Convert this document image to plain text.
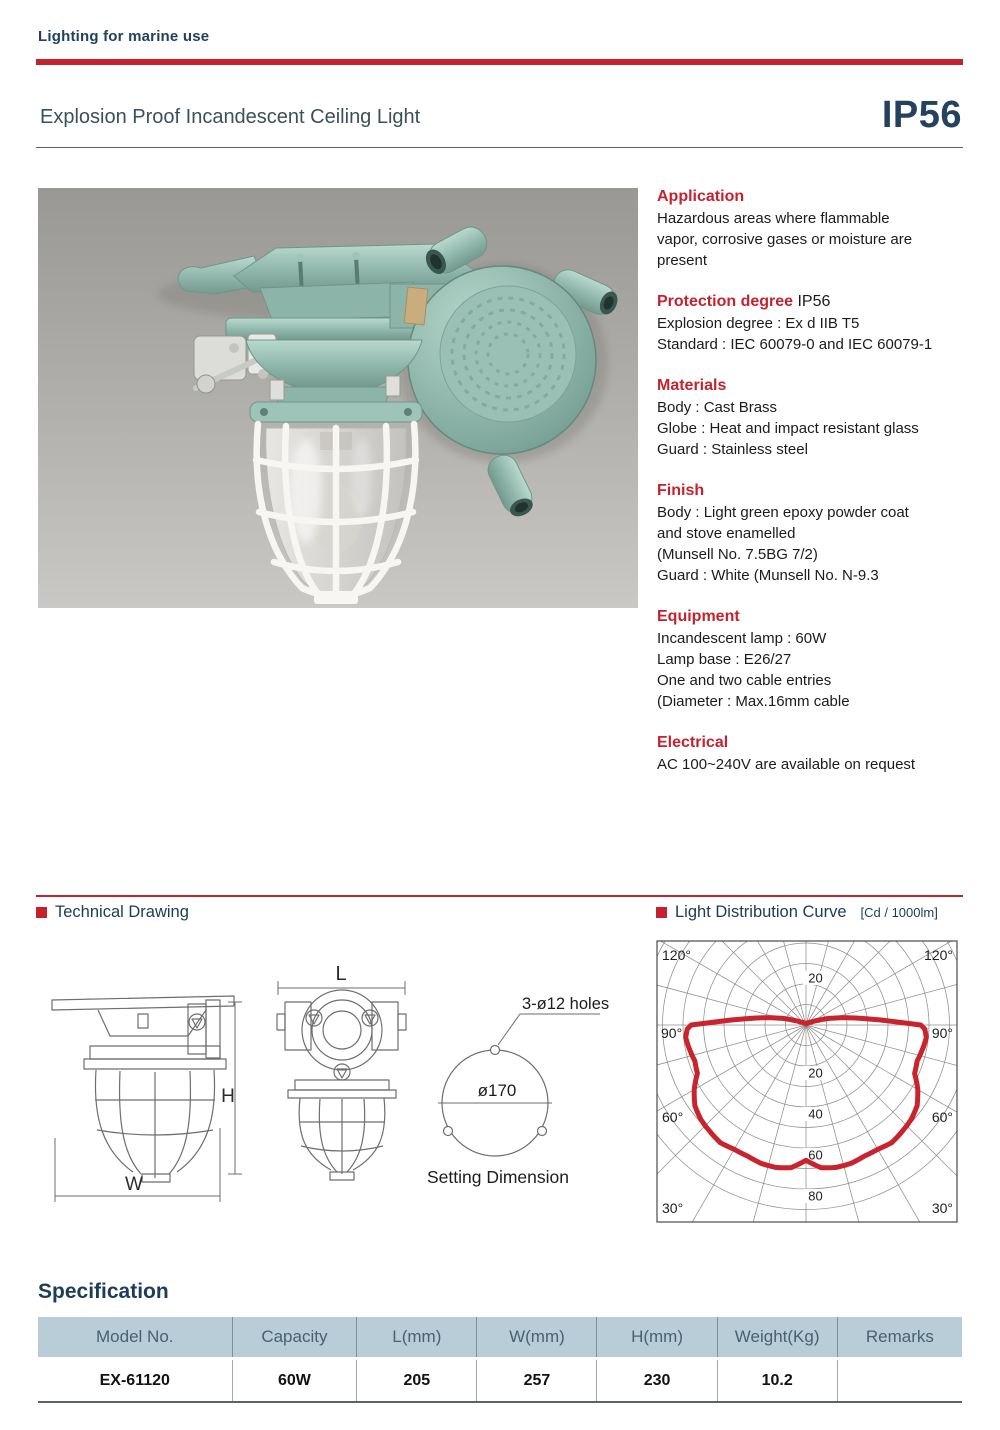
Lighting for marine use
Explosion Proof Incandescent Ceiling Light	IP56
Application
Hazardous areas where flammable
vapor, corrosive gases or moisture are
present
Protection degree IP56
Explosion degree : Ex d IIB T5
Standard : IEC 60079-0 and IEC 60079-1
Materials
Body : Cast Brass
Globe : Heat and impact resistant glass
Guard : Stainless steel
Finish
Body : Light green epoxy powder coat
and stove enamelled
(Munsell No. 7.5BG 7/2)
Guard : White (Munsell No. N-9.3
Equipment
Incandescent lamp : 60W
Lamp base : E26/27
One and two cable entries
(Diameter : Max.16mm cable
Electrical
AC 100~240V are available on request
Technical Drawing	Light Distribution Curve [Cd / 1000lm]
H
W
L
3-ø12 holes
ø170
Setting Dimension
20
20
40
60
80
120°	120°
90°	90°
60°	60°
30°	30°
Specification
Model No.	Capacity	L(mm)	W(mm)	H(mm)	Weight(Kg)	Remarks
EX-61120	60W	205	257	230	10.2	
